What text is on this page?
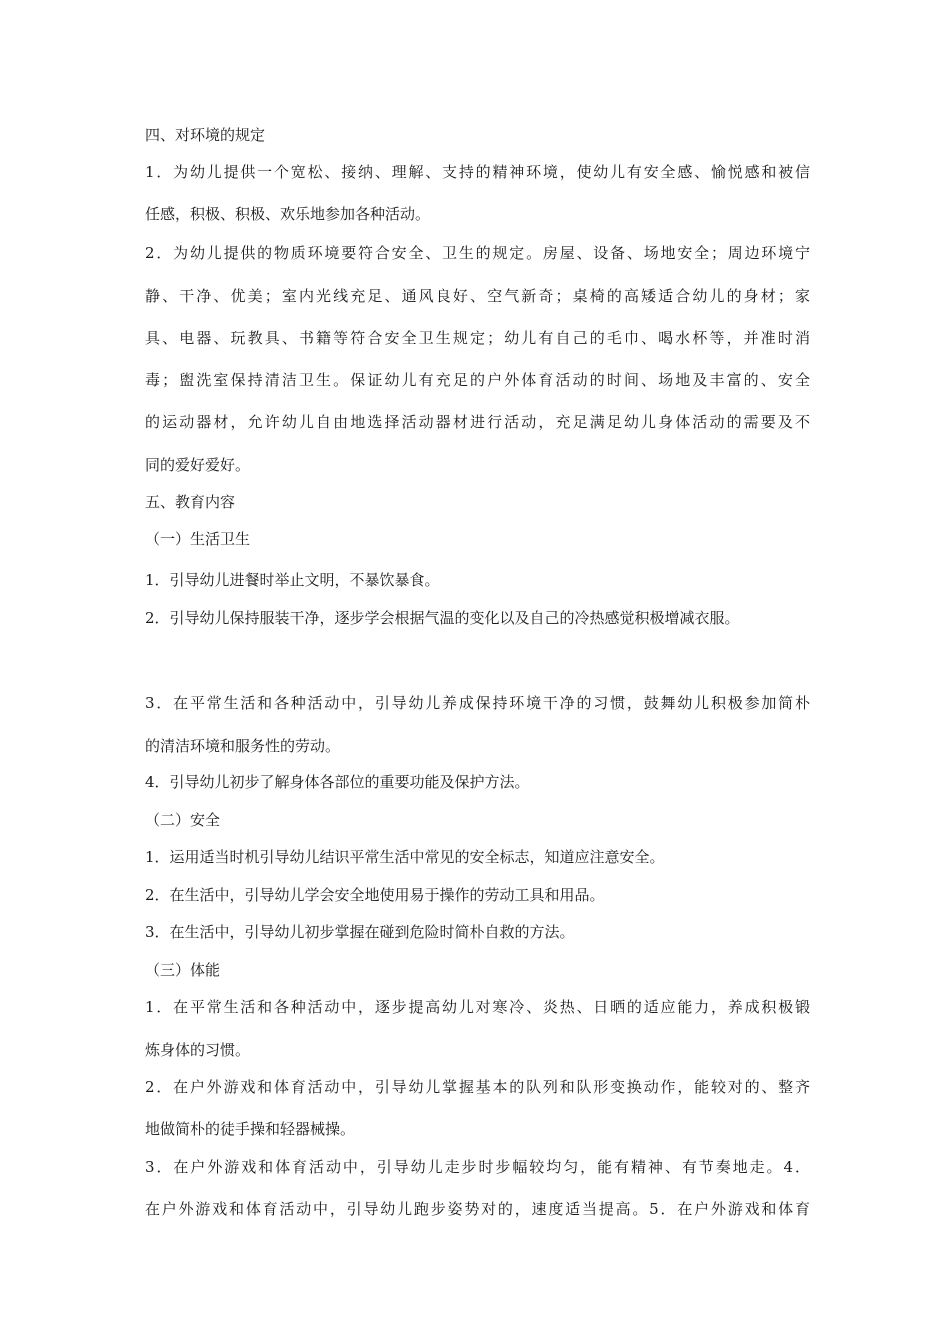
四、对环境的规定
1．为幼儿提供一个宽松、接纳、理解、支持的精神环境，使幼儿有安全感、愉悦感和被信
任感，积极、积极、欢乐地参加各种活动。
2．为幼儿提供的物质环境要符合安全、卫生的规定。房屋、设备、场地安全；周边环境宁
静、干净、优美；室内光线充足、通风良好、空气新奇；桌椅的高矮适合幼儿的身材；家
具、电器、玩教具、书籍等符合安全卫生规定；幼儿有自己的毛巾、喝水杯等，并准时消
毒；盥洗室保持清洁卫生。保证幼儿有充足的户外体育活动的时间、场地及丰富的、安全
的运动器材，允许幼儿自由地选择活动器材进行活动，充足满足幼儿身体活动的需要及不
同的爱好爱好。
五、教育内容
（一）生活卫生
1．引导幼儿进餐时举止文明，不暴饮暴食。
2．引导幼儿保持服装干净，逐步学会根据气温的变化以及自己的冷热感觉积极增减衣服。
3．在平常生活和各种活动中，引导幼儿养成保持环境干净的习惯，鼓舞幼儿积极参加简朴
的清洁环境和服务性的劳动。
4．引导幼儿初步了解身体各部位的重要功能及保护方法。
（二）安全
1．运用适当时机引导幼儿结识平常生活中常见的安全标志，知道应注意安全。
2．在生活中，引导幼儿学会安全地使用易于操作的劳动工具和用品。
3．在生活中，引导幼儿初步掌握在碰到危险时简朴自救的方法。
（三）体能
1．在平常生活和各种活动中，逐步提高幼儿对寒冷、炎热、日晒的适应能力，养成积极锻
炼身体的习惯。
2．在户外游戏和体育活动中，引导幼儿掌握基本的队列和队形变换动作，能较对的、整齐
地做简朴的徒手操和轻器械操。
3．在户外游戏和体育活动中，引导幼儿走步时步幅较均匀，能有精神、有节奏地走。4．
在户外游戏和体育活动中，引导幼儿跑步姿势对的，速度适当提高。5．在户外游戏和体育
